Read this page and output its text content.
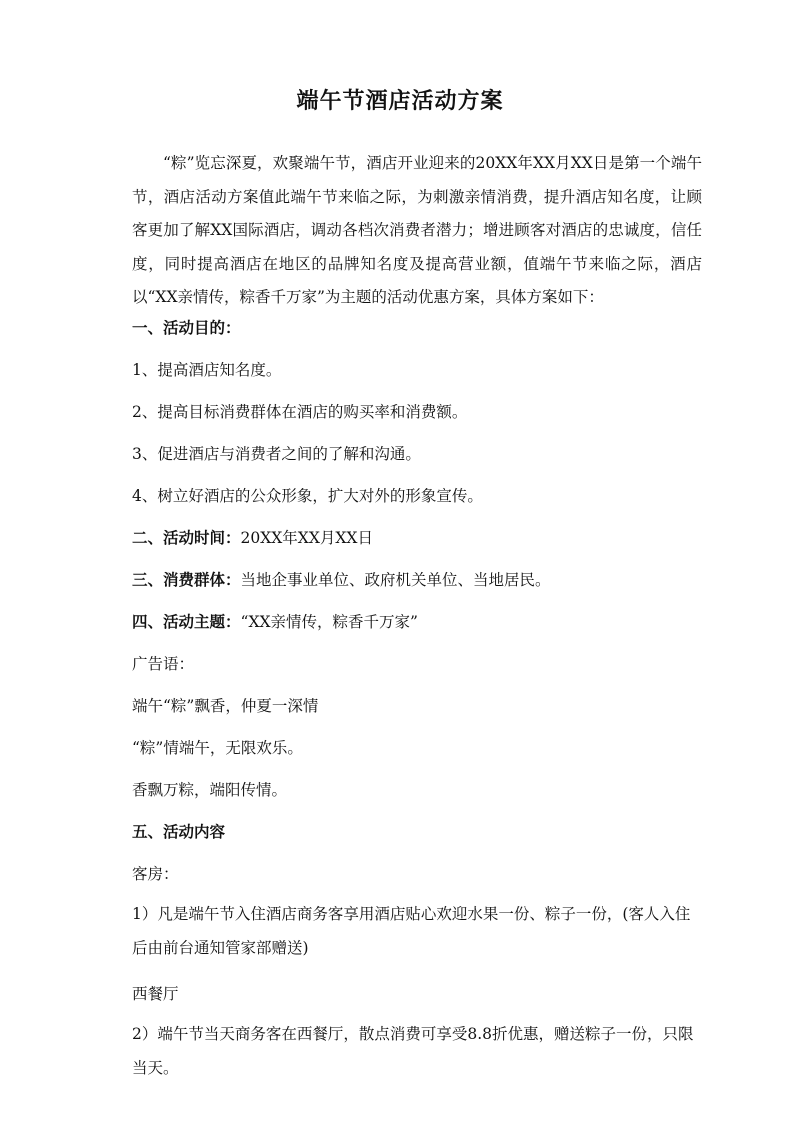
端午节酒店活动方案
“粽”览忘深夏，欢聚端午节，酒店开业迎来的20XX年XX月XX日是第一个端午节，酒店活动方案值此端午节来临之际，为刺激亲情消费，提升酒店知名度，让顾客更加了解XX国际酒店，调动各档次消费者潜力；增进顾客对酒店的忠诚度，信任度，同时提高酒店在地区的品牌知名度及提高营业额，值端午节来临之际，酒店以“XX亲情传，粽香千万家”为主题的活动优惠方案，具体方案如下：
一、活动目的：
1、提高酒店知名度。
2、提高目标消费群体在酒店的购买率和消费额。
3、促进酒店与消费者之间的了解和沟通。
4、树立好酒店的公众形象，扩大对外的形象宣传。
二、活动时间：20XX年XX月XX日
三、消费群体：当地企事业单位、政府机关单位、当地居民。
四、活动主题：“XX亲情传，粽香千万家”
广告语：
端午“粽”飘香，仲夏一深情
“粽”情端午，无限欢乐。
香飘万粽，端阳传情。
五、活动内容
客房：
1）凡是端午节入住酒店商务客享用酒店贴心欢迎水果一份、粽子一份，(客人入住后由前台通知管家部赠送)
西餐厅
2）端午节当天商务客在西餐厅，散点消费可享受8.8折优惠，赠送粽子一份，只限当天。
